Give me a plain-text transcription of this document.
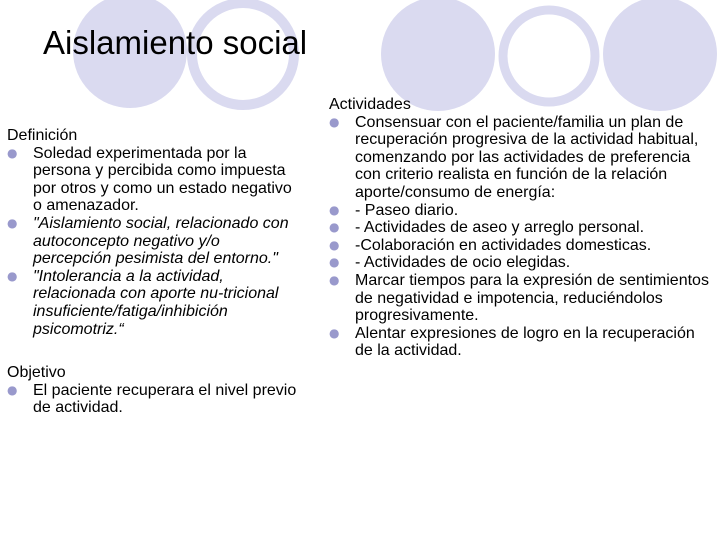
Aislamiento social
Definición
● Soledad experimentada por la persona y percibida como impuesta por otros y como un estado negativo o amenazador.
● "Aislamiento social, relacionado con autoconcepto negativo y/o percepción pesimista del entorno."
● "Intolerancia a la actividad, relacionada con aporte nu-tricional insuficiente/fatiga/inhibición psicomotriz.“
Objetivo
● El paciente recuperara el nivel previo de actividad.
Actividades
● Consensuar con el paciente/familia un plan de recuperación progresiva de la actividad habitual, comenzando por las actividades de preferencia con criterio realista en función de la relación aporte/consumo de energía:
● - Paseo diario.
● - Actividades de aseo y arreglo personal.
● -Colaboración en actividades domesticas.
● - Actividades de ocio elegidas.
● Marcar tiempos para la expresión de sentimientos de negatividad e impotencia, reduciéndolos progresivamente.
● Alentar expresiones de logro en la recuperación de la actividad.
